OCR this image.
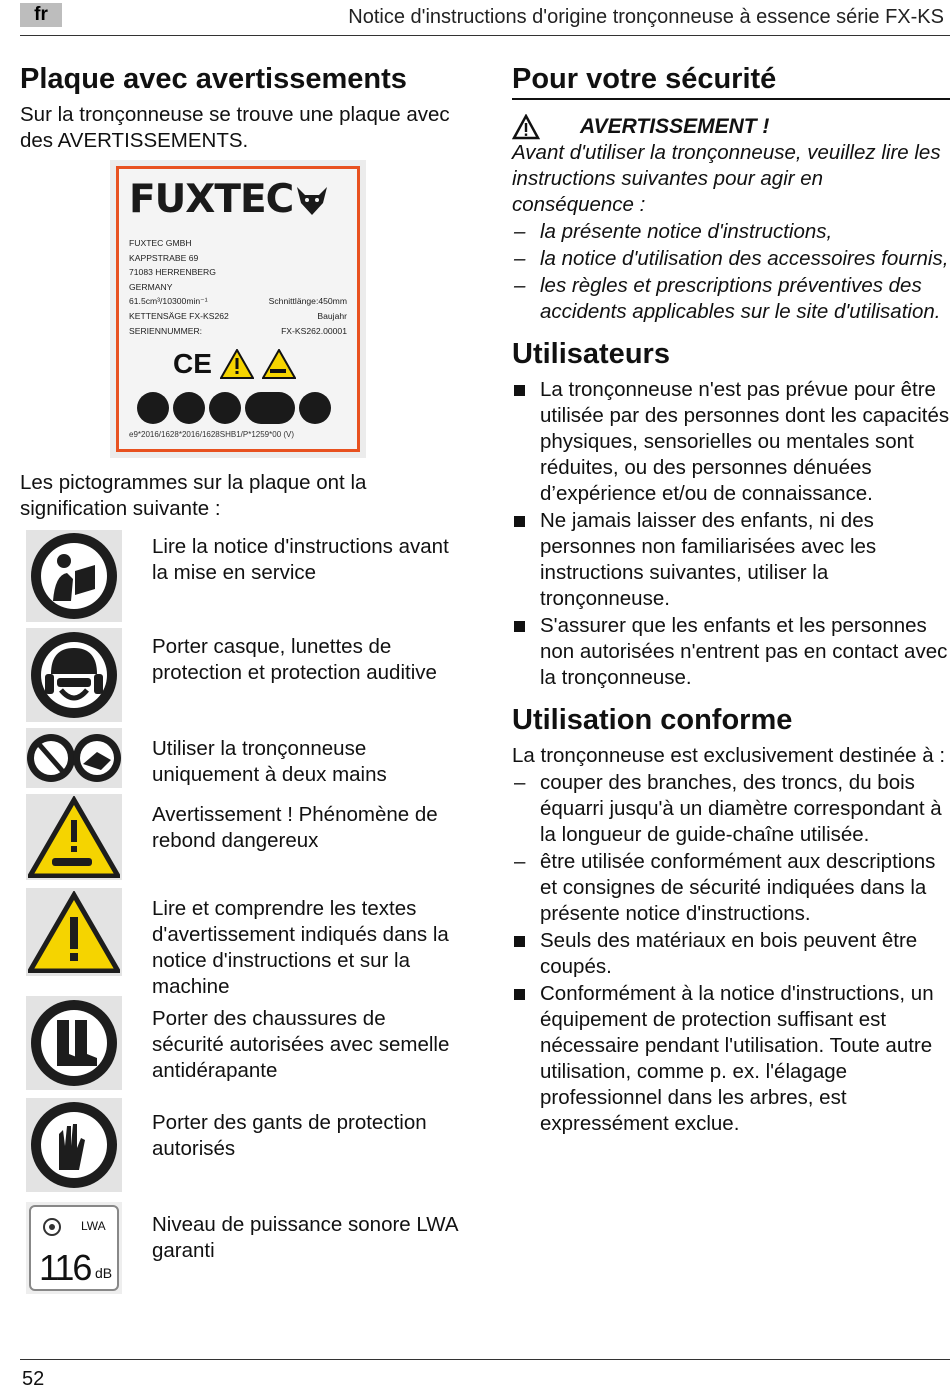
fr	Notice d'instructions d'origine tronçonneuse à essence série FX-KS
Plaque avec avertissements

Sur la tronçonneuse se trouve une plaque avec des AVERTISSEMENTS.

FUXTEC
FUXTEC GMBH
KAPPSTRABE 69
71083 HERRENBERG
GERMANY
61.5cm³/10300min⁻¹	Schnittlänge:450mm
KETTENSÄGE FX-KS262	Baujahr
SERIENNUMMER:	FX-KS262.00001
CE
e9*2016/1628*2016/1628SHB1/P*1259*00 (V)

Les pictogrammes sur la plaque ont la signification suivante :

Lire la notice d'instructions avant la mise en service
Porter casque, lunettes de protection et protection auditive
Utiliser la tronçonneuse uniquement à deux mains
Avertissement ! Phénomène de rebond dangereux
Lire et comprendre les textes d'avertissement indiqués dans la notice d'instructions et sur la machine
Porter des chaussures de sécurité autorisées avec semelle antidérapante
Porter des gants de protection autorisés
LWA
116 dB
Niveau de puissance sonore LWA garanti
Pour votre sécurité
AVERTISSEMENT !

Avant d'utiliser la tronçonneuse, veuillez lire les instructions suivantes pour agir en conséquence :

– la présente notice d'instructions,
– la notice d'utilisation des accessoires fournis,
– les règles et prescriptions préventives des accidents applicables sur le site d'utilisation.
Utilisateurs
La tronçonneuse n'est pas prévue pour être utilisée par des personnes dont les capacités physiques, sensorielles ou mentales sont réduites, ou des personnes dénuées d’expérience et/ou de connaissance.
Ne jamais laisser des enfants, ni des personnes non familiarisées avec les instructions suivantes, utiliser la tronçonneuse.
S'assurer que les enfants et les personnes non autorisées n'entrent pas en contact avec la tronçonneuse.
Utilisation conforme

La tronçonneuse est exclusivement destinée à :

– couper des branches, des troncs, du bois équarri jusqu'à un diamètre correspondant à la longueur de guide-chaîne utilisée.
– être utilisée conformément aux descriptions et consignes de sécurité indiquées dans la présente notice d'instructions.
Seuls des matériaux en bois peuvent être coupés.
Conformément à la notice d'instructions, un équipement de protection suffisant est nécessaire pendant l'utilisation. Toute autre utilisation, comme p. ex. l'élagage professionnel dans les arbres, est expressément exclue.
52
